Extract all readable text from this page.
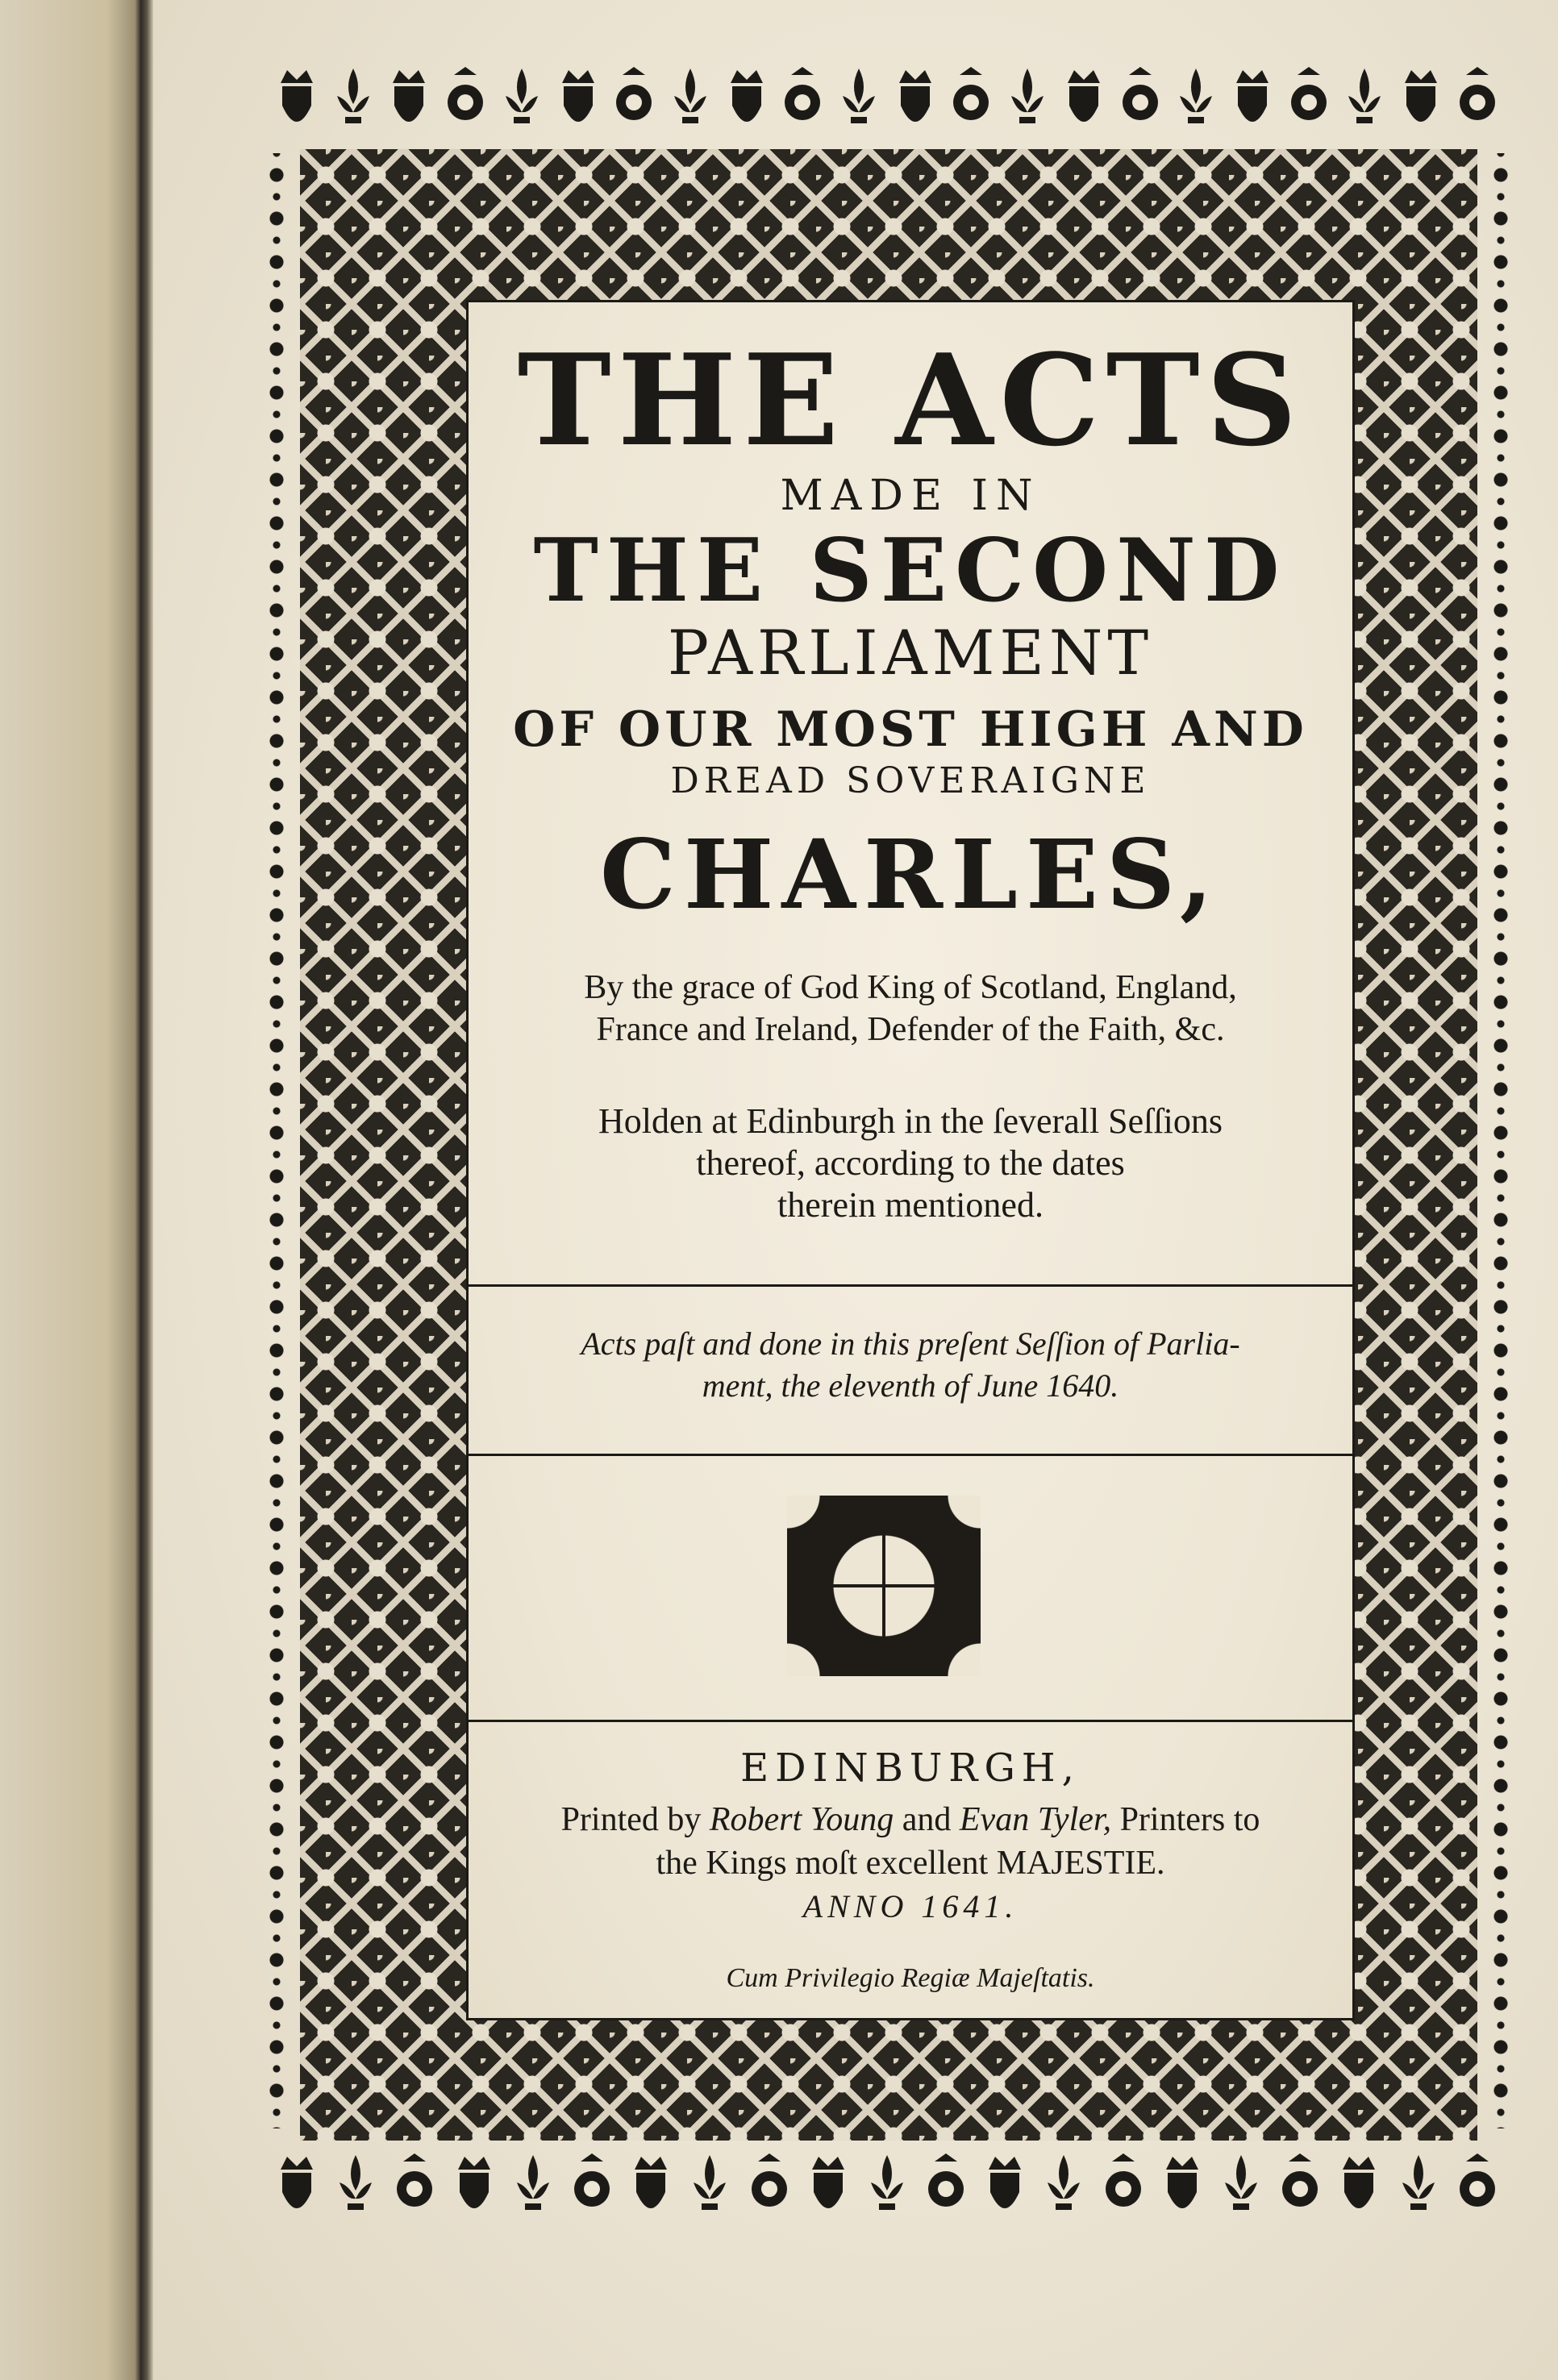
THE ACTS

MADE IN

THE SECOND

PARLIAMENT

OF OUR MOST HIGH AND

DREAD SOVERAIGNE

CHARLES,

By the grace of God King of Scotland, England,

France and Ireland, Defender of the Faith, &c.

Holden at Edinburgh in the ſeverall Seſſions

thereof, according to the dates

therein mentioned.

Acts paſt and done in this preſent Seſſion of Parlia-

ment, the eleventh of June 1640.

EDINBURGH,

Printed by Robert Young and Evan Tyler, Printers to

the Kings moſt excellent MAJESTIE.

ANNO 1641.

Cum Privilegio Regiæ Majeſtatis.
